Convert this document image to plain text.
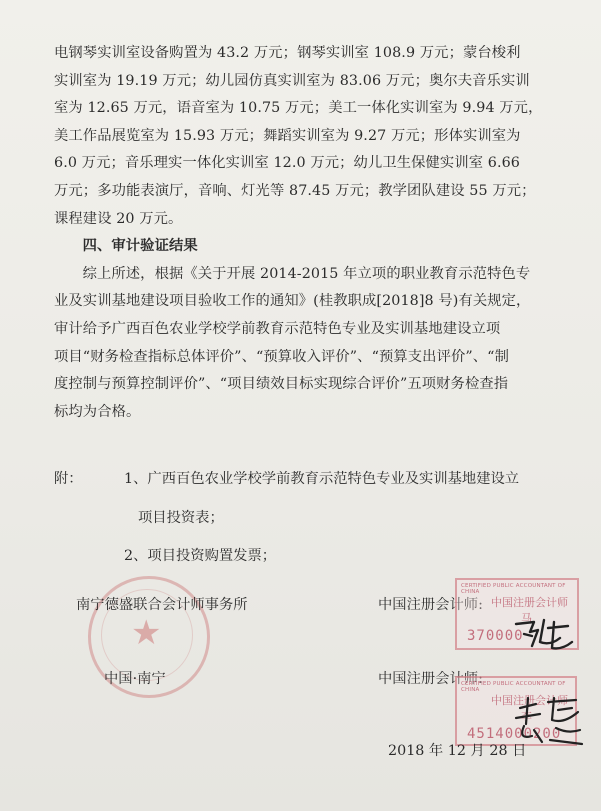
电钢琴实训室设备购置为 43.2 万元；钢琴实训室 108.9 万元；蒙台梭利

实训室为 19.19 万元；幼儿园仿真实训室为 83.06 万元；奥尔夫音乐实训

室为 12.65 万元，语音室为 10.75 万元；美工一体化实训室为 9.94 万元，

美工作品展览室为 15.93 万元；舞蹈实训室为 9.27 万元；形体实训室为

6.0 万元；音乐理实一体化实训室 12.0 万元；幼儿卫生保健实训室 6.66

万元；多功能表演厅，音响、灯光等 87.45 万元；教学团队建设 55 万元；

课程建设 20 万元。

四、审计验证结果

综上所述，根据《关于开展 2014-2015 年立项的职业教育示范特色专

业及实训基地建设项目验收工作的通知》(桂教职成[2018]8 号)有关规定，

审计给予广西百色农业学校学前教育示范特色专业及实训基地建设立项

项目“财务检查指标总体评价”、“预算收入评价”、“预算支出评价”、“制

度控制与预算控制评价”、“项目绩效目标实现综合评价”五项财务检查指

标均为合格。

附：	1、广西百色农业学校学前教育示范特色专业及实训基地建设立
项目投资表；
2、项目投资购置发票；
★
南宁德盛联合会计师事务所
中国·南宁
中国注册会计师:
中国注册会计师:
CERTIFIED PUBLIC ACCOUNTANT OF CHINA
中国注册会计师
马
370000
CERTIFIED PUBLIC ACCOUNTANT OF CHINA
中国注册会计师
李
4514000200
2018 年 12 月 28 日
